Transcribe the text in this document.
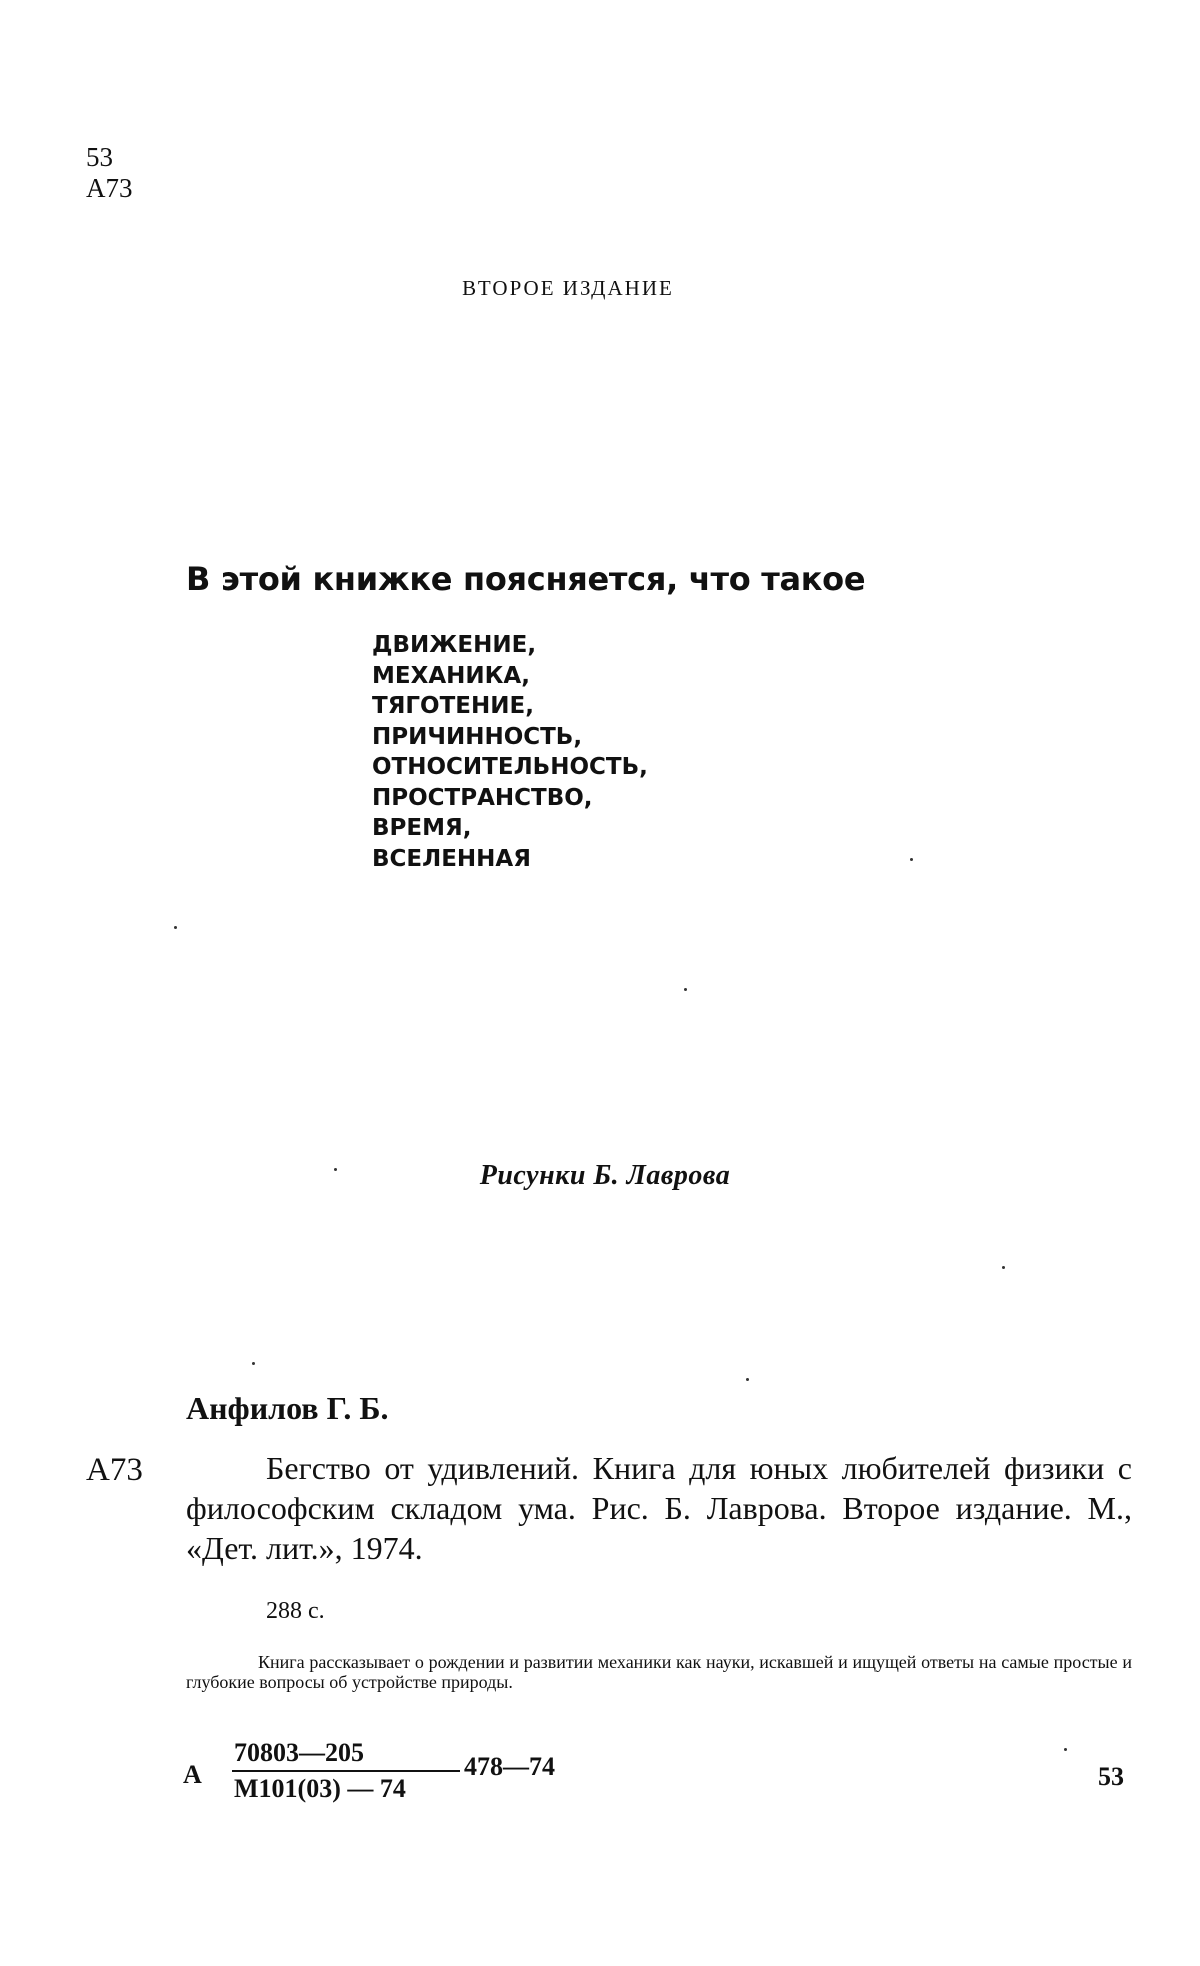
53
А73
ВТОРОЕ ИЗДАНИЕ
В этой книжке поясняется, что такое
ДВИЖЕНИЕ,
МЕХАНИКА,
ТЯГОТЕНИЕ,
ПРИЧИННОСТЬ,
ОТНОСИТЕЛЬНОСТЬ,
ПРОСТРАНСТВО,
ВРЕМЯ,
ВСЕЛЕННАЯ
Рисунки Б. Лаврова
Анфилов Г. Б.
А73	Бегство от удивлений. Книга для юных любителей физики с философским складом ума. Рис. Б. Лаврова. Второе издание. М., «Дет. лит.», 1974.

288 с.

Книга рассказывает о рождении и развитии механики как науки, искавшей и ищущей ответы на самые простые и глубокие вопросы об устройстве природы.

А
70803—205
М101(03) — 74
478—74	53
